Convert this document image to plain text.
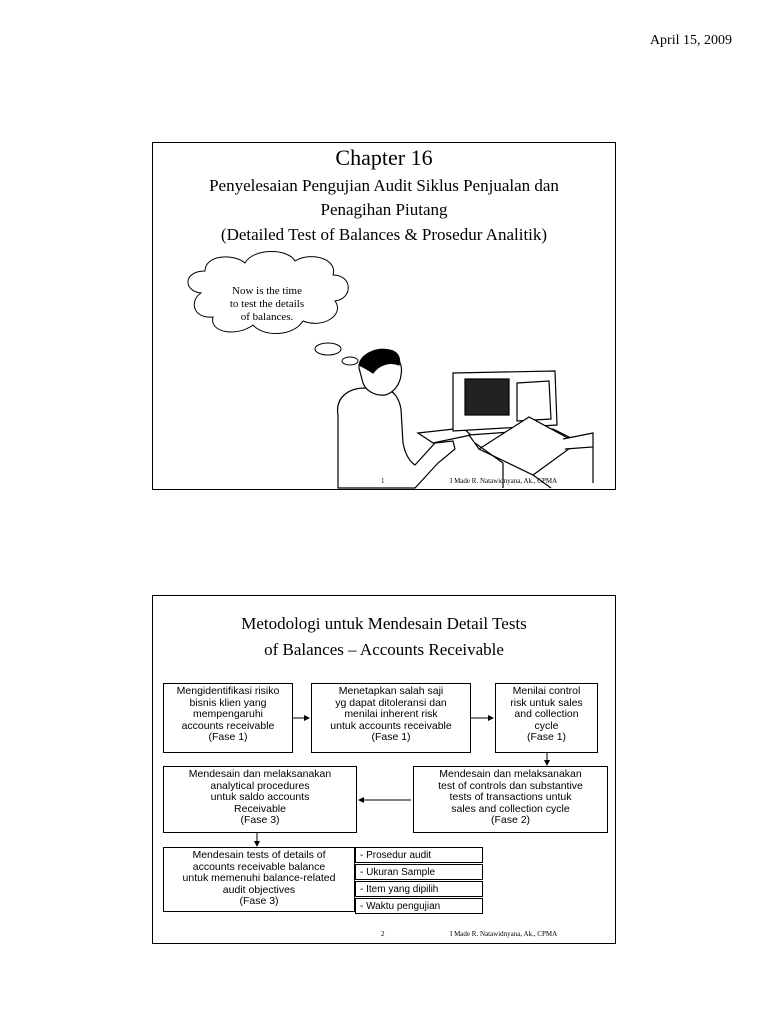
April 15, 2009
Chapter 16
Penyelesaian Pengujian Audit Siklus Penjualan dan
Penagihan Piutang
(Detailed Test of Balances & Prosedur Analitik)
Now is the time
to test the details
of balances.
1	I Made R. Natawidnyana, Ak., CPMA
Metodologi untuk Mendesain Detail Tests
of Balances – Accounts Receivable
Mengidentifikasi risiko
bisnis klien yang
mempengaruhi
accounts receivable
(Fase 1)
Menetapkan salah saji
yg dapat ditoleransi dan
menilai inherent risk
untuk accounts receivable
(Fase 1)
Menilai control
risk untuk sales
and collection
cycle
(Fase 1)
Mendesain dan melaksanakan
analytical procedures
untuk saldo accounts
Receivable
(Fase 3)
Mendesain dan melaksanakan
test of controls dan substantive
tests of transactions untuk
sales and collection cycle
(Fase 2)
Mendesain tests of details of
accounts receivable balance
untuk memenuhi balance-related
audit objectives
(Fase 3)
- Prosedur audit
- Ukuran Sample
- Item yang dipilih
- Waktu pengujian
2	I Made R. Natawidnyana, Ak., CPMA
